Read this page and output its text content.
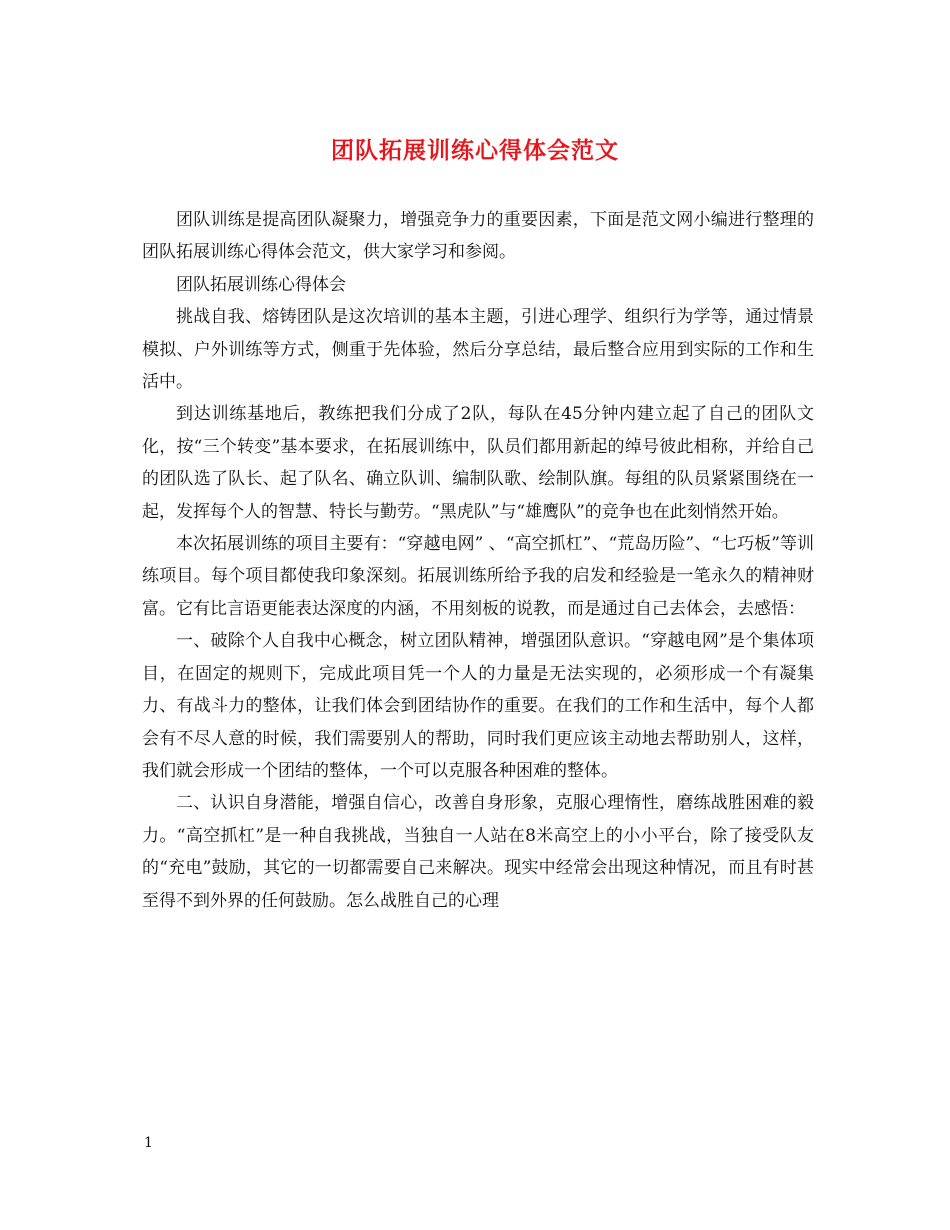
团队拓展训练心得体会范文

团队训练是提高团队凝聚力，增强竞争力的重要因素，下面是范文网小编进行整理的团队拓展训练心得体会范文，供大家学习和参阅。

团队拓展训练心得体会

挑战自我、熔铸团队是这次培训的基本主题，引进心理学、组织行为学等，通过情景模拟、户外训练等方式，侧重于先体验，然后分享总结，最后整合应用到实际的工作和生活中。

到达训练基地后，教练把我们分成了2队，每队在45分钟内建立起了自己的团队文化，按“三个转变”基本要求，在拓展训练中，队员们都用新起的绰号彼此相称，并给自己的团队选了队长、起了队名、确立队训、编制队歌、绘制队旗。每组的队员紧紧围绕在一起，发挥每个人的智慧、特长与勤劳。“黑虎队”与“雄鹰队”的竞争也在此刻悄然开始。

本次拓展训练的项目主要有：“穿越电网” 、“高空抓杠”、“荒岛历险”、“七巧板”等训练项目。每个项目都使我印象深刻。拓展训练所给予我的启发和经验是一笔永久的精神财富。它有比言语更能表达深度的内涵，不用刻板的说教，而是通过自己去体会，去感悟：

一、破除个人自我中心概念，树立团队精神，增强团队意识。“穿越电网”是个集体项目，在固定的规则下，完成此项目凭一个人的力量是无法实现的，必须形成一个有凝集力、有战斗力的整体，让我们体会到团结协作的重要。在我们的工作和生活中，每个人都会有不尽人意的时候，我们需要别人的帮助，同时我们更应该主动地去帮助别人，这样，我们就会形成一个团结的整体，一个可以克服各种困难的整体。

二、认识自身潜能，增强自信心，改善自身形象，克服心理惰性，磨练战胜困难的毅力。“高空抓杠”是一种自我挑战，当独自一人站在8米高空上的小小平台，除了接受队友的“充电”鼓励，其它的一切都需要自己来解决。现实中经常会出现这种情况，而且有时甚至得不到外界的任何鼓励。怎么战胜自己的心理

1
